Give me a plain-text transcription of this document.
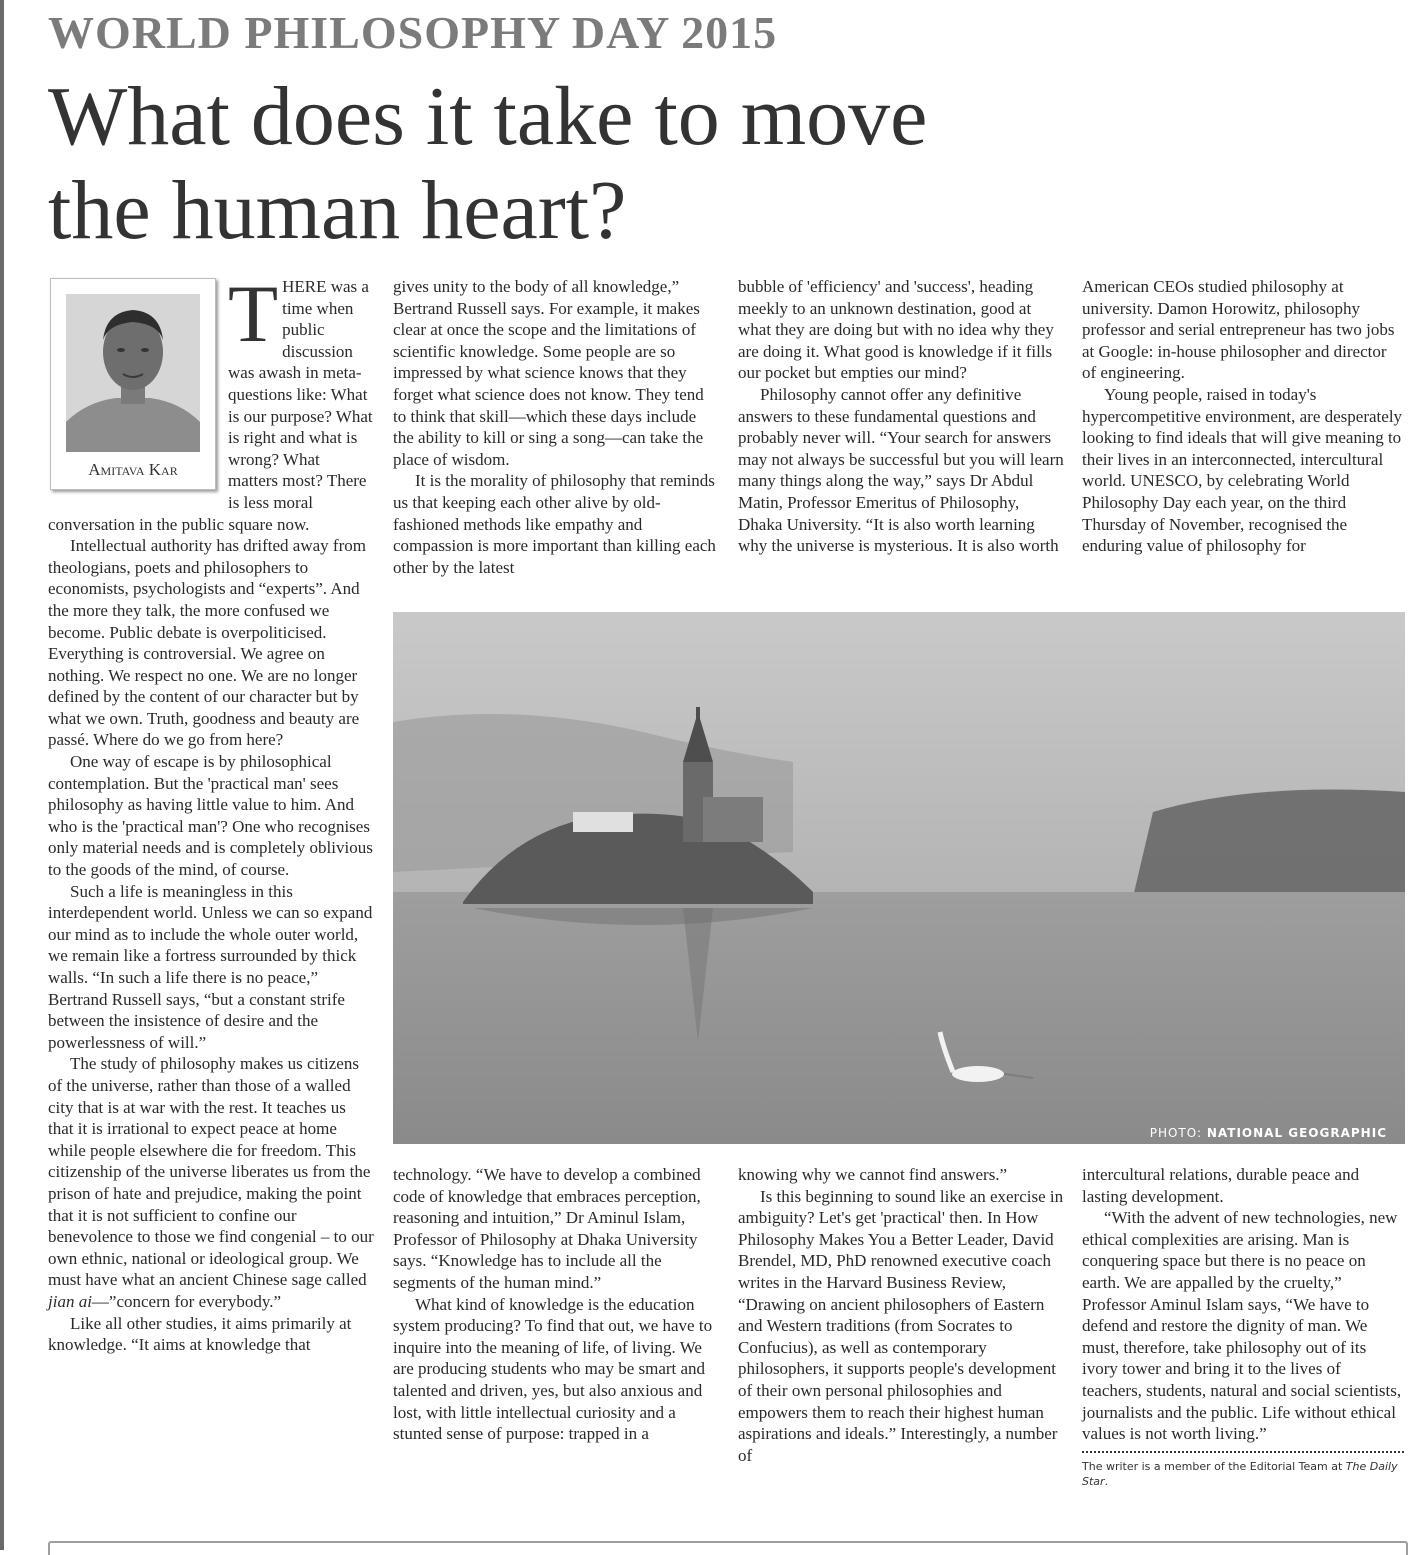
WORLD PHILOSOPHY DAY 2015
What does it take to move the human heart?
Amitava Kar

THERE was a time when public discussion was awash in meta-questions like: What is our purpose? What is right and what is wrong? What matters most? There is less moral conversation in the public square now.

Intellectual authority has drifted away from theologians, poets and philosophers to economists, psychologists and “experts”. And the more they talk, the more confused we become. Public debate is overpoliticised. Everything is controversial. We agree on nothing. We respect no one. We are no longer defined by the content of our character but by what we own. Truth, goodness and beauty are passé. Where do we go from here?

One way of escape is by philosophical contemplation. But the 'practical man' sees philosophy as having little value to him. And who is the 'practical man'? One who recognises only material needs and is completely oblivious to the goods of the mind, of course.

Such a life is meaningless in this interdependent world. Unless we can so expand our mind as to include the whole outer world, we remain like a fortress surrounded by thick walls. “In such a life there is no peace,” Bertrand Russell says, “but a constant strife between the insistence of desire and the powerlessness of will.”

The study of philosophy makes us citizens of the universe, rather than those of a walled city that is at war with the rest. It teaches us that it is irrational to expect peace at home while people elsewhere die for freedom. This citizenship of the universe liberates us from the prison of hate and prejudice, making the point that it is not sufficient to confine our benevolence to those we find congenial – to our own ethnic, national or ideological group. We must have what an ancient Chinese sage called jian ai—”concern for everybody.”

Like all other studies, it aims primarily at knowledge. “It aims at knowledge that

gives unity to the body of all knowledge,” Bertrand Russell says. For example, it makes clear at once the scope and the limitations of scientific knowledge. Some people are so impressed by what science knows that they forget what science does not know. They tend to think that skill—which these days include the ability to kill or sing a song—can take the place of wisdom.

It is the morality of philosophy that reminds us that keeping each other alive by old-fashioned methods like empathy and compassion is more important than killing each other by the latest

bubble of 'efficiency' and 'success', heading meekly to an unknown destination, good at what they are doing but with no idea why they are doing it. What good is knowledge if it fills our pocket but empties our mind?

Philosophy cannot offer any definitive answers to these fundamental questions and probably never will. “Your search for answers may not always be successful but you will learn many things along the way,” says Dr Abdul Matin, Professor Emeritus of Philosophy, Dhaka University. “It is also worth learning why the universe is mysterious. It is also worth

American CEOs studied philosophy at university. Damon Horowitz, philosophy professor and serial entrepreneur has two jobs at Google: in-house philosopher and director of engineering.

Young people, raised in today's hypercompetitive environment, are desperately looking to find ideals that will give meaning to their lives in an interconnected, intercultural world. UNESCO, by celebrating World Philosophy Day each year, on the third Thursday of November, recognised the enduring value of philosophy for

PHOTO: NATIONAL GEOGRAPHIC

technology. “We have to develop a combined code of knowledge that embraces perception, reasoning and intuition,” Dr Aminul Islam, Professor of Philosophy at Dhaka University says. “Knowledge has to include all the segments of the human mind.”

What kind of knowledge is the education system producing? To find that out, we have to inquire into the meaning of life, of living. We are producing students who may be smart and talented and driven, yes, but also anxious and lost, with little intellectual curiosity and a stunted sense of purpose: trapped in a

knowing why we cannot find answers.”

Is this beginning to sound like an exercise in ambiguity? Let's get 'practical' then. In How Philosophy Makes You a Better Leader, David Brendel, MD, PhD renowned executive coach writes in the Harvard Business Review, “Drawing on ancient philosophers of Eastern and Western traditions (from Socrates to Confucius), as well as contemporary philosophers, it supports people's development of their own personal philosophies and empowers them to reach their highest human aspirations and ideals.” Interestingly, a number of

intercultural relations, durable peace and lasting development.

“With the advent of new technologies, new ethical complexities are arising. Man is conquering space but there is no peace on earth. We are appalled by the cruelty,” Professor Aminul Islam says, “We have to defend and restore the dignity of man. We must, therefore, take philosophy out of its ivory tower and bring it to the lives of teachers, students, natural and social scientists, journalists and the public. Life without ethical values is not worth living.”

The writer is a member of the Editorial Team at The Daily Star.
